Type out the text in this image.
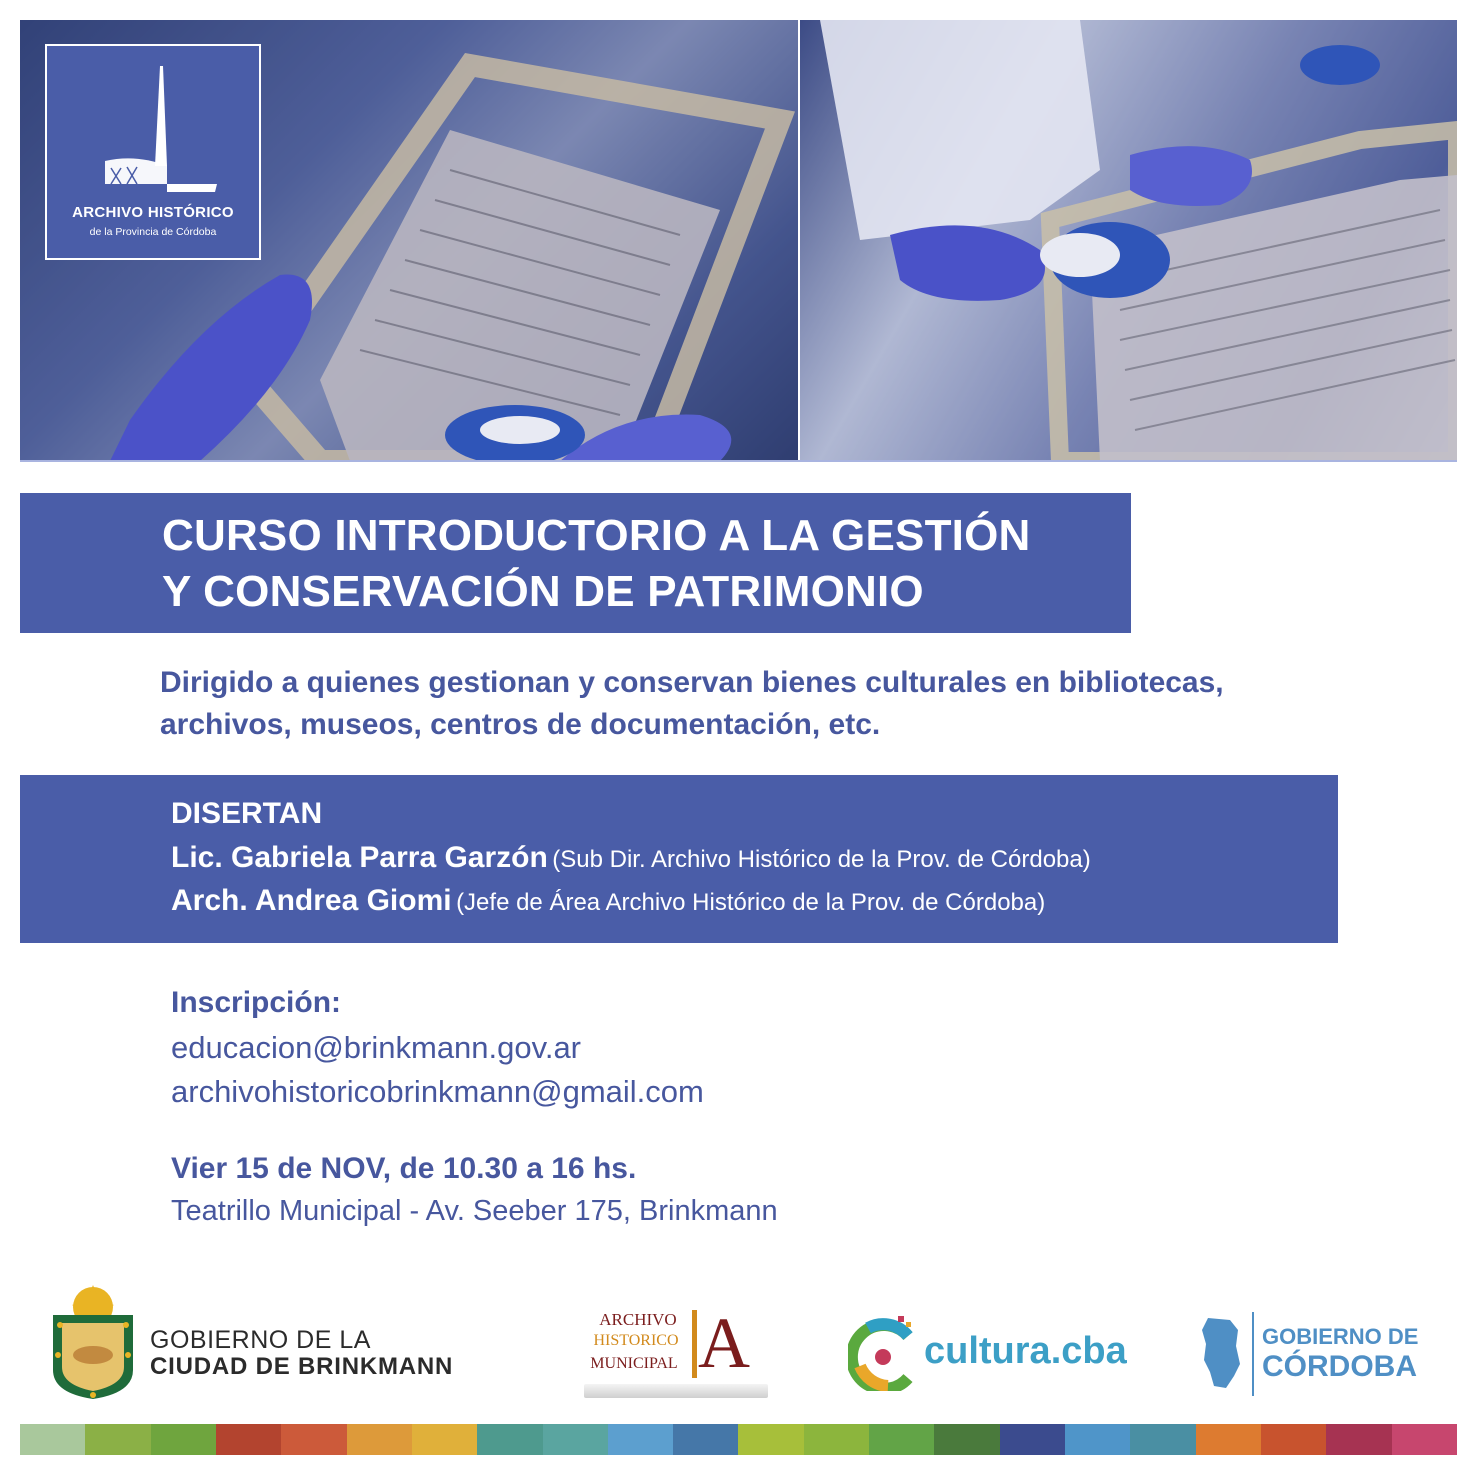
ARCHIVO HISTÓRICO
de la Provincia de Córdoba
CURSO INTRODUCTORIO A LA GESTIÓN
Y CONSERVACIÓN DE PATRIMONIO
Dirigido a quienes gestionan y conservan bienes culturales en bibliotecas,
archivos, museos, centros de documentación, etc.
DISERTAN
Lic. Gabriela Parra Garzón (Sub Dir. Archivo Histórico de la Prov. de Córdoba)
Arch. Andrea Giomi (Jefe de Área Archivo Histórico de la Prov. de Córdoba)
Inscripción:
educacion@brinkmann.gov.ar
archivohistoricobrinkmann@gmail.com
Vier 15 de NOV, de 10.30 a 16 hs.
Teatrillo Municipal - Av. Seeber 175, Brinkmann
GOBIERNO DE LA
CIUDAD DE BRINKMANN
ARCHIVO
HISTORICO
MUNICIPAL A	cultura.cba	GOBIERNO DE
CÓRDOBA
